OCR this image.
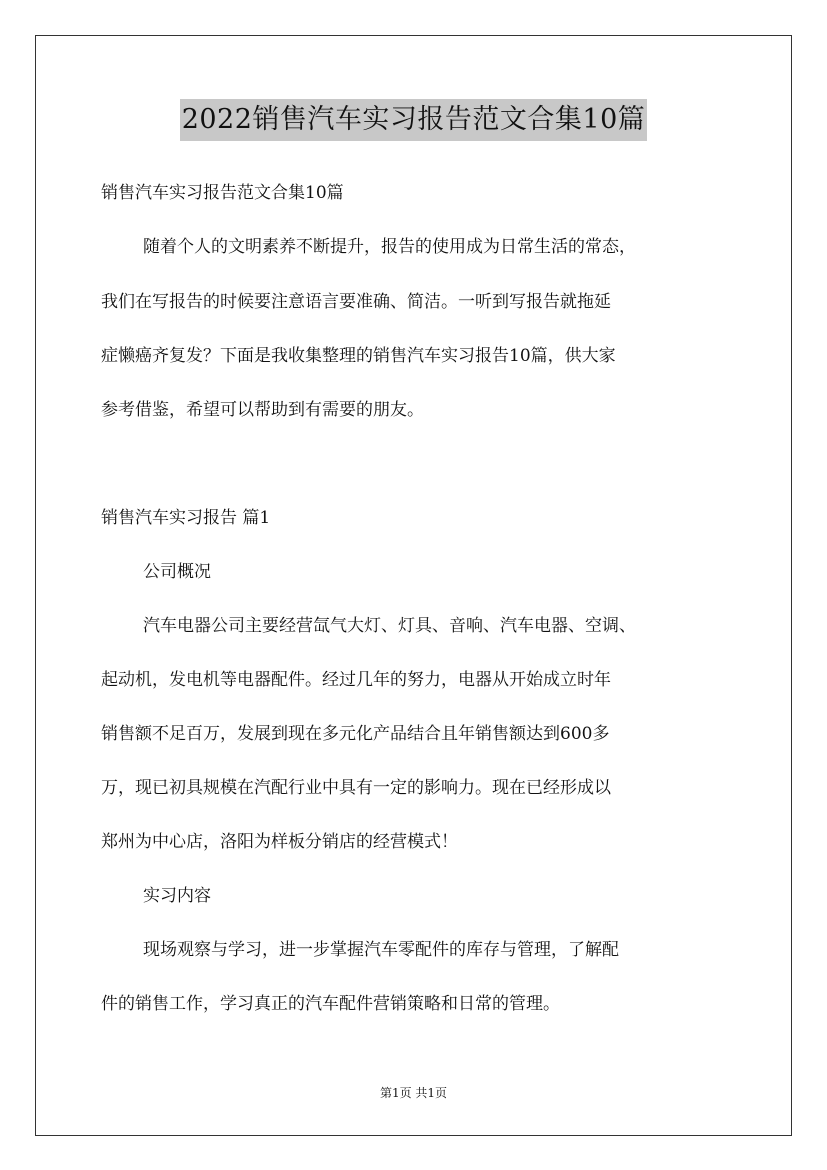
2022销售汽车实习报告范文合集10篇
销售汽车实习报告范文合集10篇
随着个人的文明素养不断提升，报告的使用成为日常生活的常态，
我们在写报告的时候要注意语言要准确、简洁。一听到写报告就拖延
症懒癌齐复发？下面是我收集整理的销售汽车实习报告10篇，供大家
参考借鉴，希望可以帮助到有需要的朋友。
销售汽车实习报告 篇1
公司概况
汽车电器公司主要经营氙气大灯、灯具、音响、汽车电器、空调、
起动机，发电机等电器配件。经过几年的努力，电器从开始成立时年
销售额不足百万，发展到现在多元化产品结合且年销售额达到600多
万，现已初具规模在汽配行业中具有一定的影响力。现在已经形成以
郑州为中心店，洛阳为样板分销店的经营模式！
实习内容
现场观察与学习，进一步掌握汽车零配件的库存与管理，了解配
件的销售工作，学习真正的汽车配件营销策略和日常的管理。
第1页 共1页
